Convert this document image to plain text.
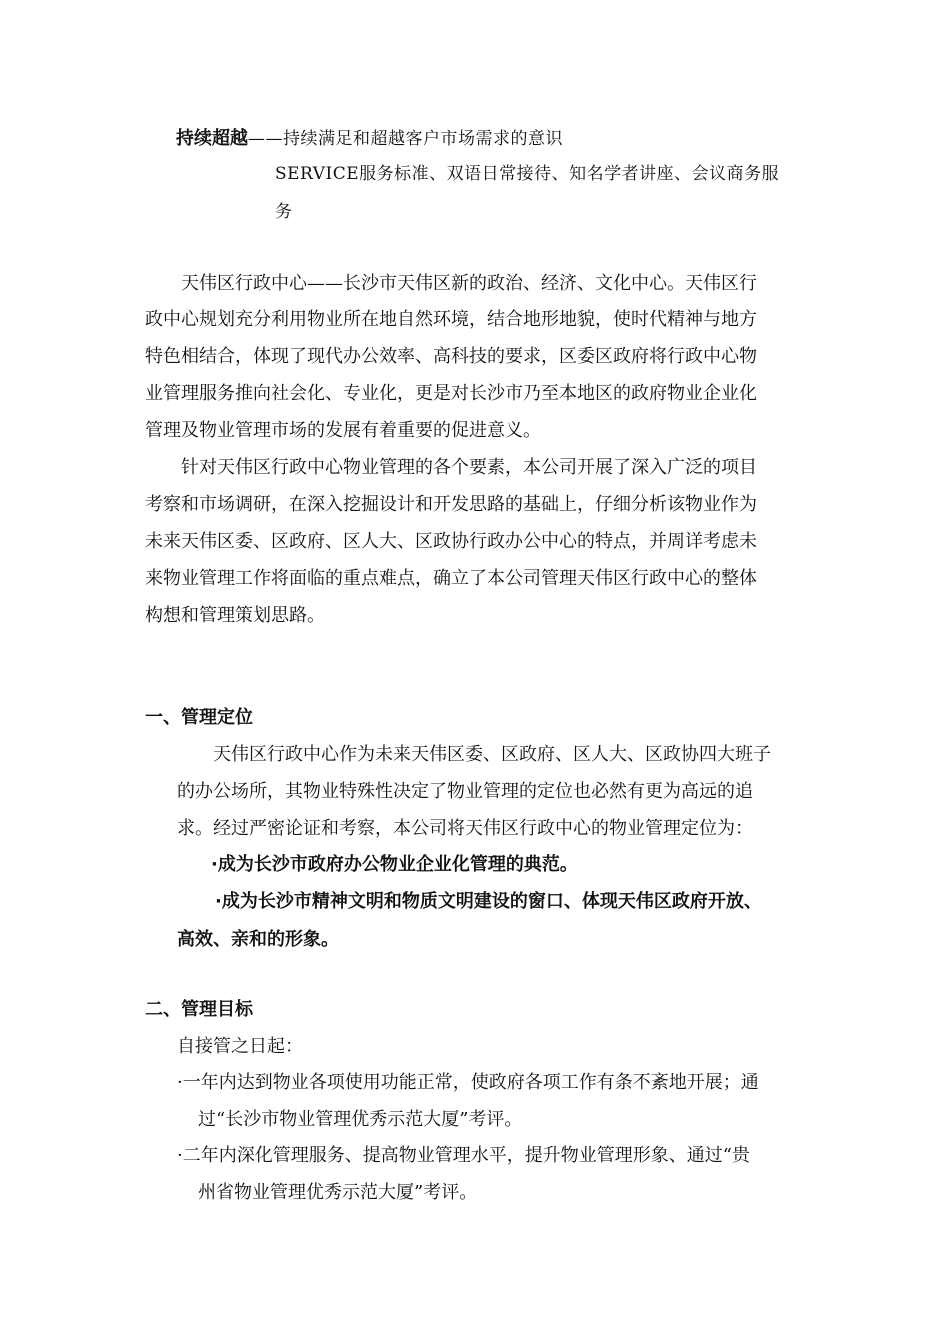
持续超越——持续满足和超越客户市场需求的意识
SERVICE服务标准、双语日常接待、知名学者讲座、会议商务服
务
天伟区行政中心——长沙市天伟区新的政治、经济、文化中心。天伟区行
政中心规划充分利用物业所在地自然环境，结合地形地貌，使时代精神与地方
特色相结合，体现了现代办公效率、高科技的要求，区委区政府将行政中心物
业管理服务推向社会化、专业化，更是对长沙市乃至本地区的政府物业企业化
管理及物业管理市场的发展有着重要的促进意义。
针对天伟区行政中心物业管理的各个要素，本公司开展了深入广泛的项目
考察和市场调研，在深入挖掘设计和开发思路的基础上，仔细分析该物业作为
未来天伟区委、区政府、区人大、区政协行政办公中心的特点，并周详考虑未
来物业管理工作将面临的重点难点，确立了本公司管理天伟区行政中心的整体
构想和管理策划思路。
一、管理定位
天伟区行政中心作为未来天伟区委、区政府、区人大、区政协四大班子
的办公场所，其物业特殊性决定了物业管理的定位也必然有更为高远的追
求。经过严密论证和考察，本公司将天伟区行政中心的物业管理定位为：
·成为长沙市政府办公物业企业化管理的典范。
·成为长沙市精神文明和物质文明建设的窗口、体现天伟区政府开放、
高效、亲和的形象。
二、管理目标
自接管之日起：
·一年内达到物业各项使用功能正常，使政府各项工作有条不紊地开展；通
过“长沙市物业管理优秀示范大厦”考评。
·二年内深化管理服务、提高物业管理水平，提升物业管理形象、通过“贵
州省物业管理优秀示范大厦”考评。
